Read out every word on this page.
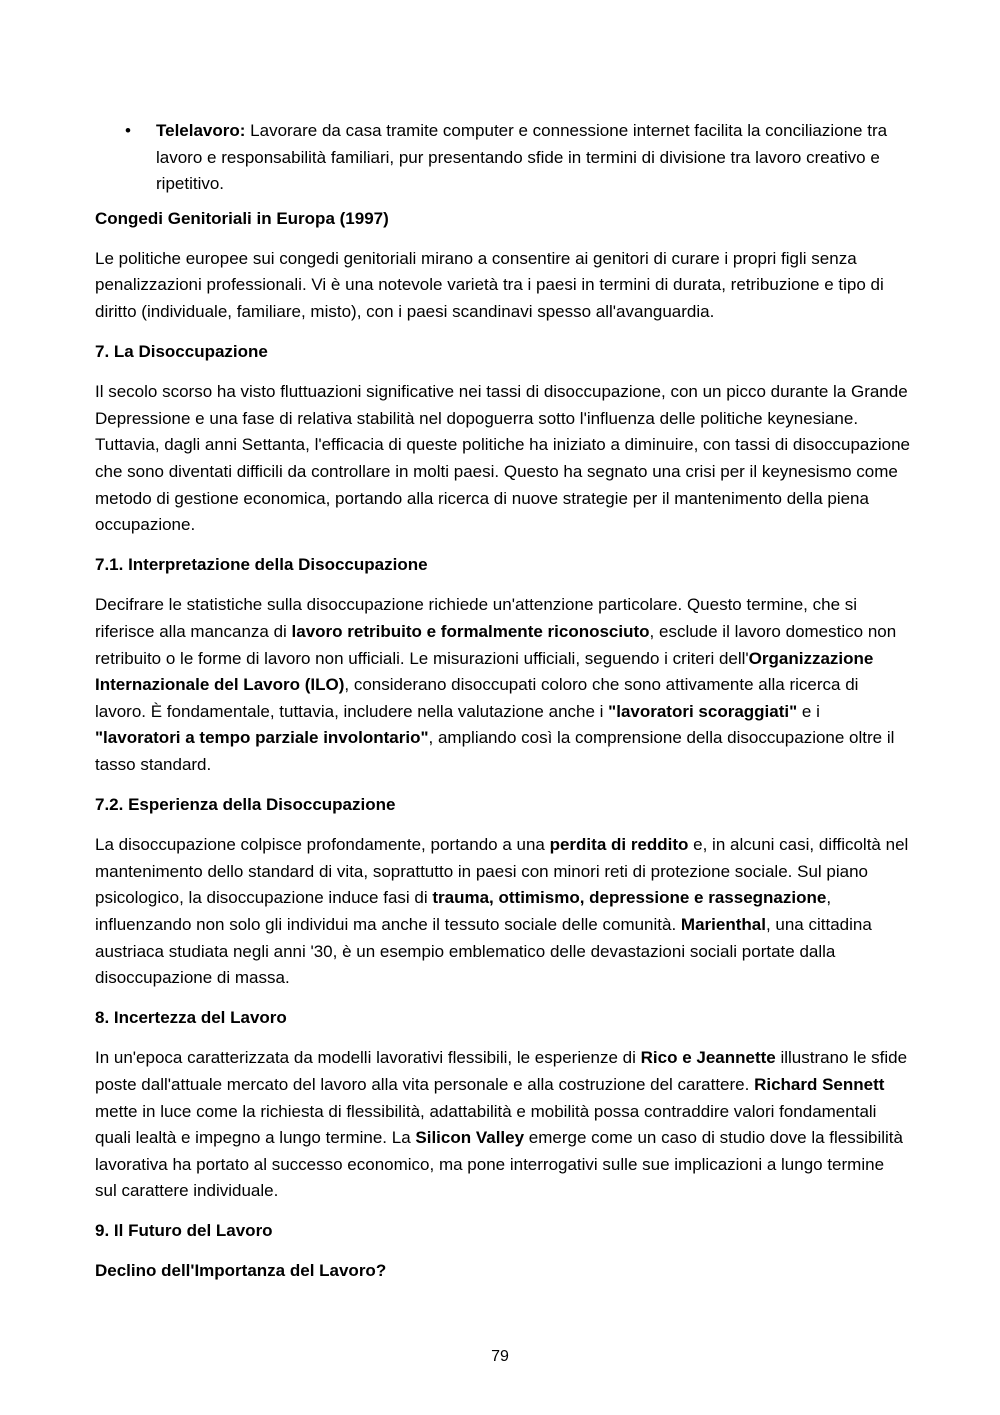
• Telelavoro: Lavorare da casa tramite computer e connessione internet facilita la conciliazione tra lavoro e responsabilità familiari, pur presentando sfide in termini di divisione tra lavoro creativo e ripetitivo.
Congedi Genitoriali in Europa (1997)

Le politiche europee sui congedi genitoriali mirano a consentire ai genitori di curare i propri figli senza penalizzazioni professionali. Vi è una notevole varietà tra i paesi in termini di durata, retribuzione e tipo di diritto (individuale, familiare, misto), con i paesi scandinavi spesso all'avanguardia.

7. La Disoccupazione

Il secolo scorso ha visto fluttuazioni significative nei tassi di disoccupazione, con un picco durante la Grande Depressione e una fase di relativa stabilità nel dopoguerra sotto l'influenza delle politiche keynesiane. Tuttavia, dagli anni Settanta, l'efficacia di queste politiche ha iniziato a diminuire, con tassi di disoccupazione che sono diventati difficili da controllare in molti paesi. Questo ha segnato una crisi per il keynesismo come metodo di gestione economica, portando alla ricerca di nuove strategie per il mantenimento della piena occupazione.

7.1. Interpretazione della Disoccupazione

Decifrare le statistiche sulla disoccupazione richiede un'attenzione particolare. Questo termine, che si riferisce alla mancanza di lavoro retribuito e formalmente riconosciuto, esclude il lavoro domestico non retribuito o le forme di lavoro non ufficiali. Le misurazioni ufficiali, seguendo i criteri dell'Organizzazione Internazionale del Lavoro (ILO), considerano disoccupati coloro che sono attivamente alla ricerca di lavoro. È fondamentale, tuttavia, includere nella valutazione anche i "lavoratori scoraggiati" e i "lavoratori a tempo parziale involontario", ampliando così la comprensione della disoccupazione oltre il tasso standard.

7.2. Esperienza della Disoccupazione

La disoccupazione colpisce profondamente, portando a una perdita di reddito e, in alcuni casi, difficoltà nel mantenimento dello standard di vita, soprattutto in paesi con minori reti di protezione sociale. Sul piano psicologico, la disoccupazione induce fasi di trauma, ottimismo, depressione e rassegnazione, influenzando non solo gli individui ma anche il tessuto sociale delle comunità. Marienthal, una cittadina austriaca studiata negli anni '30, è un esempio emblematico delle devastazioni sociali portate dalla disoccupazione di massa.

8. Incertezza del Lavoro

In un'epoca caratterizzata da modelli lavorativi flessibili, le esperienze di Rico e Jeannette illustrano le sfide poste dall'attuale mercato del lavoro alla vita personale e alla costruzione del carattere. Richard Sennett mette in luce come la richiesta di flessibilità, adattabilità e mobilità possa contraddire valori fondamentali quali lealtà e impegno a lungo termine. La Silicon Valley emerge come un caso di studio dove la flessibilità lavorativa ha portato al successo economico, ma pone interrogativi sulle sue implicazioni a lungo termine sul carattere individuale.

9. Il Futuro del Lavoro
Declino dell'Importanza del Lavoro?
79
